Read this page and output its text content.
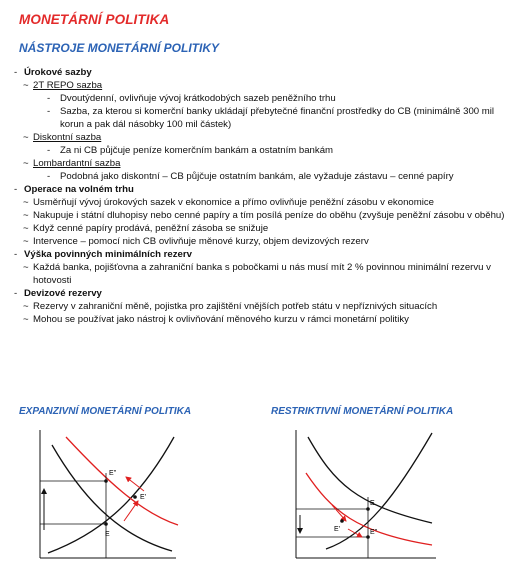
MONETÁRNÍ POLITIKA
NÁSTROJE MONETÁRNÍ POLITIKY
- Úrokové sazby
~ 2T REPO sazba
-	Dvoutýdenní, ovlivňuje vývoj krátkodobých sazeb peněžního trhu
-	Sazba, za kterou si komerční banky ukládají přebytečné finanční prostředky do CB (minimálně 300 mil korun a pak dál násobky 100 mil částek)
~ Diskontní sazba
-	Za ni CB půjčuje peníze komerčním bankám a ostatním bankám
~ Lombardantní sazba
-	Podobná jako diskontní – CB půjčuje ostatním bankám, ale vyžaduje zástavu – cenné papíry
- Operace na volném trhu
~ Usměrňují vývoj úrokových sazek v ekonomice a přímo ovlivňuje peněžní zásobu v ekonomice
~ Nakupuje i státní dluhopisy nebo cenné papíry a tím posílá peníze do oběhu (zvyšuje peněžní zásobu v oběhu)
~ Když cenné papíry prodává, peněžní zásoba se snižuje
~ Intervence – pomocí nich CB ovlivňuje měnové kurzy, objem devizových rezerv
- Výška povinných minimálních rezerv
~ Každá banka, pojišťovna a zahraniční banka s pobočkami u nás musí mít 2 % povinnou minimální rezervu v hotovosti
- Devizové rezervy
~ Rezervy v zahraniční měně, pojistka pro zajištění vnějších potřeb státu v nepříznivých situacích
~ Mohou se používat jako nástroj k ovlivňování měnového kurzu v rámci monetární politiky
EXPANZIVNÍ MONETÁRNÍ POLITIKA	RESTRIKTIVNÍ MONETÁRNÍ POLITIKA
E
E'
E''
E
E'	E''
